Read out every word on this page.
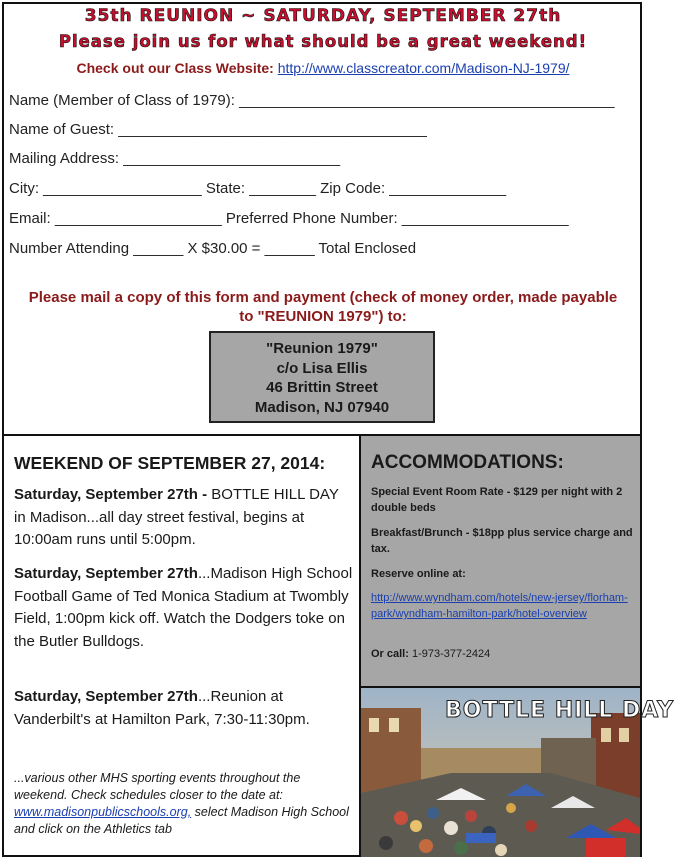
35th REUNION ~ SATURDAY, SEPTEMBER 27th
Please join us for what should be a great weekend!
Check out our Class Website: http://www.classcreator.com/Madison-NJ-1979/
Name (Member of Class of 1979): _____________________________________________
Name of Guest: _____________________________________
Mailing Address: __________________________
City: ___________________ State: ________ Zip Code: ______________
Email: ____________________ Preferred Phone Number: ____________________
Number Attending ______ X $30.00 = ______ Total Enclosed
Please mail a copy of this form and payment (check of money order, made payable to "REUNION 1979") to:
"Reunion 1979"
c/o Lisa Ellis
46 Brittin Street
Madison, NJ 07940
WEEKEND OF SEPTEMBER 27, 2014:
Saturday, September 27th - BOTTLE HILL DAY in Madison...all day street festival, begins at 10:00am runs until 5:00pm.
Saturday, September 27th...Madison High School Football Game of Ted Monica Stadium at Twombly Field, 1:00pm kick off. Watch the Dodgers toke on the Butler Bulldogs.
Saturday, September 27th...Reunion at Vanderbilt's at Hamilton Park, 7:30-11:30pm.
...various other MHS sporting events throughout the weekend. Check schedules closer to the date at: www.madisonpublicschools.org, select Madison High School and click on the Athletics tab
ACCOMMODATIONS:

Special Event Room Rate - $129 per night with 2 double beds

Breakfast/Brunch - $18pp plus service charge and tax.

Reserve online at:

http://www.wyndham.com/hotels/new-jersey/florham-park/wyndham-hamilton-park/hotel-overview

Or call: 1-973-377-2424

BOTTLE HILL DAY
